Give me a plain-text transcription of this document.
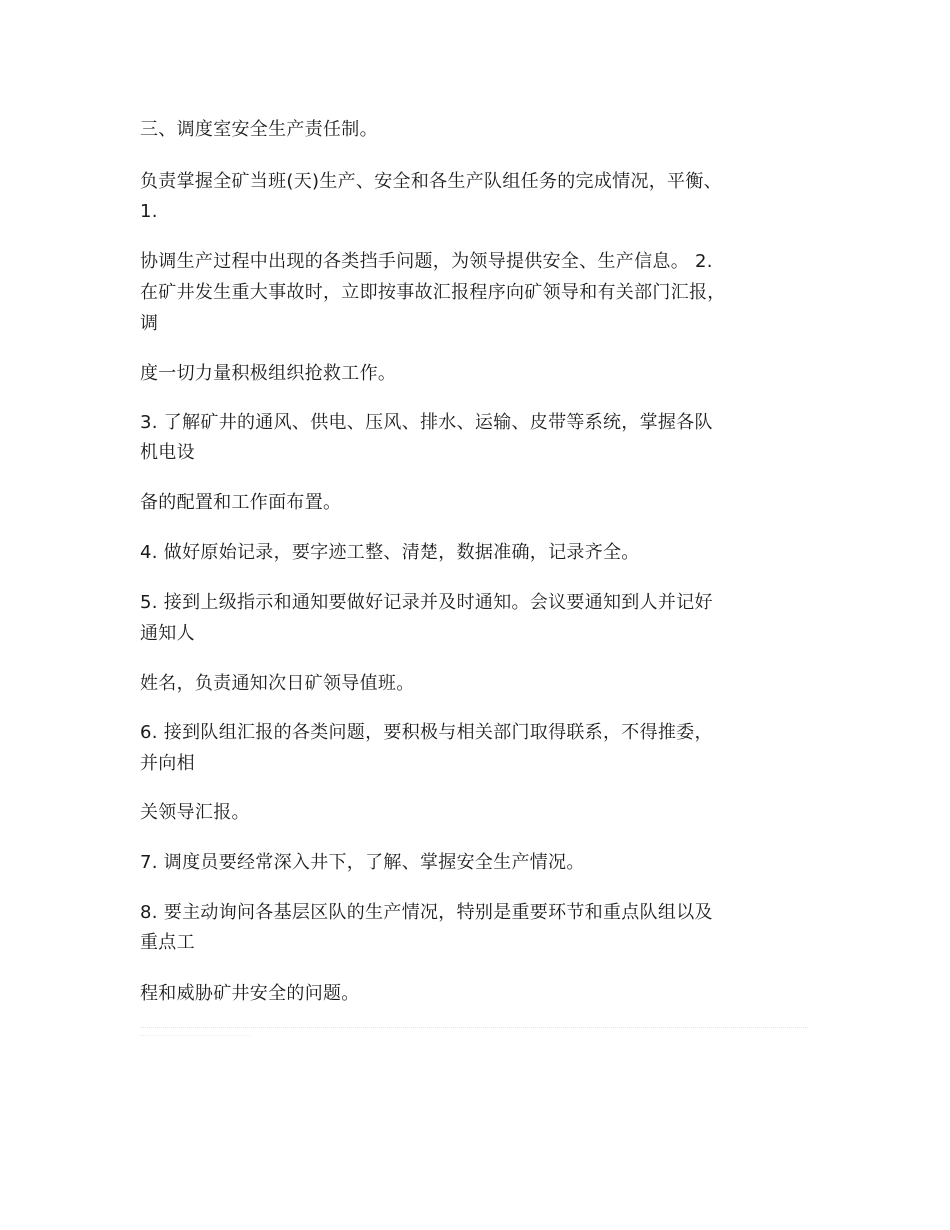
三、调度室安全生产责任制。
负责掌握全矿当班(天)生产、安全和各生产队组任务的完成情况，平衡、
1.
协调生产过程中出现的各类挡手问题，为领导提供安全、生产信息。 2.
在矿井发生重大事故时，立即按事故汇报程序向矿领导和有关部门汇报，
调
度一切力量积极组织抢救工作。
3. 了解矿井的通风、供电、压风、排水、运输、皮带等系统，掌握各队
机电设
备的配置和工作面布置。
4. 做好原始记录，要字迹工整、清楚，数据准确，记录齐全。
5. 接到上级指示和通知要做好记录并及时通知。会议要通知到人并记好
通知人
姓名，负责通知次日矿领导值班。
6. 接到队组汇报的各类问题，要积极与相关部门取得联系，不得推委，
并向相
关领导汇报。
7. 调度员要经常深入井下，了解、掌握安全生产情况。
8. 要主动询问各基层区队的生产情况，特别是重要环节和重点队组以及
重点工
程和威胁矿井安全的问题。
